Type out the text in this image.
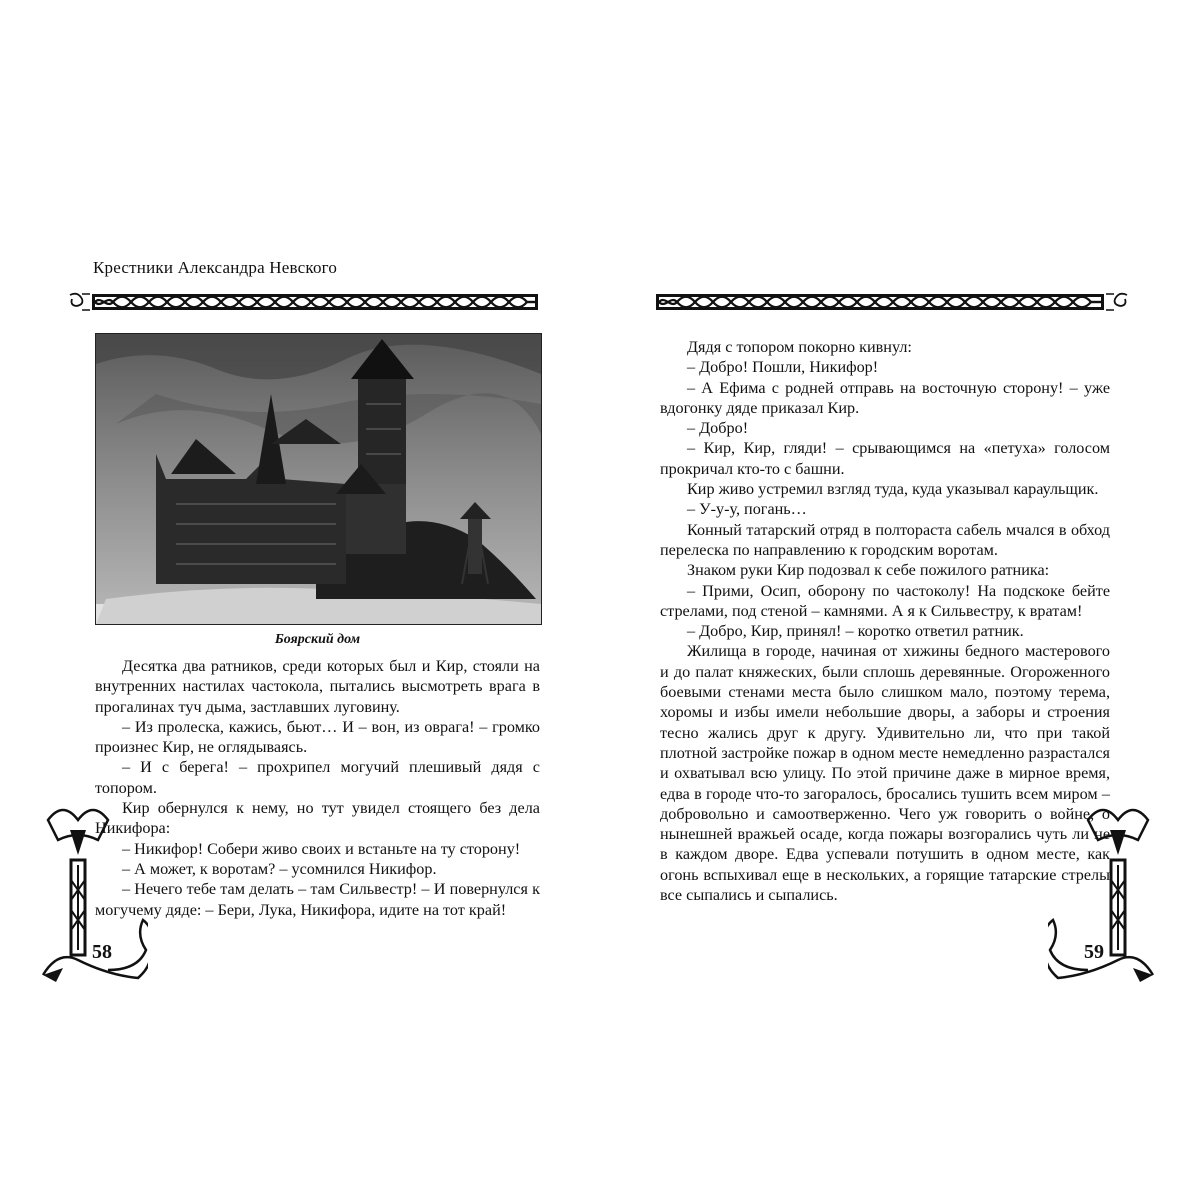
Крестники Александра Невского
Боярский дом

Десятка два ратников, среди которых был и Кир, стояли на внутренних настилах частокола, пытались высмотреть врага в прогалинах туч дыма, застлавших луговину.

– Из пролеска, кажись, бьют… И – вон, из оврага! – громко произнес Кир, не оглядываясь.

– И с берега! – прохрипел могучий плешивый дядя с топором.

Кир обернулся к нему, но тут увидел стоящего без дела Никифора:

– Никифор! Собери живо своих и встаньте на ту сторону!

– А может, к воротам? – усомнился Никифор.

– Нечего тебе там делать – там Сильвестр! – И повернулся к могучему дяде: – Бери, Лука, Никифора, идите на тот край!

58

Дядя с топором покорно кивнул:

– Добро! Пошли, Никифор!

– А Ефима с родней отправь на восточную сторону! – уже вдогонку дяде приказал Кир.

– Добро!

– Кир, Кир, гляди! – срывающимся на «петуха» голосом прокричал кто-то с башни.

Кир живо устремил взгляд туда, куда указывал караульщик.

– У-у-у, погань…

Конный татарский отряд в полтораста сабель мчался в обход перелеска по направлению к городским воротам.

Знаком руки Кир подозвал к себе пожилого ратника:

– Прими, Осип, оборону по частоколу! На подскоке бейте стрелами, под стеной – камнями. А я к Сильвестру, к вратам!

– Добро, Кир, принял! – коротко ответил ратник.

Жилища в городе, начиная от хижины бедного мастерового и до палат княжеских, были сплошь деревянные. Огороженного боевыми стенами места было слишком мало, поэтому терема, хоромы и избы имели небольшие дворы, а заборы и строения тесно жались друг к другу. Удивительно ли, что при такой плотной застройке пожар в одном месте немедленно разрастался и охватывал всю улицу. По этой причине даже в мирное время, едва в городе что-то загоралось, бросались тушить всем миром – добровольно и самоотверженно. Чего уж говорить о войне, о нынешней вражьей осаде, когда пожары возгорались чуть ли не в каждом дворе. Едва успевали потушить в одном месте, как огонь вспыхивал еще в нескольких, а горящие татарские стрелы все сыпались и сыпались.

59
